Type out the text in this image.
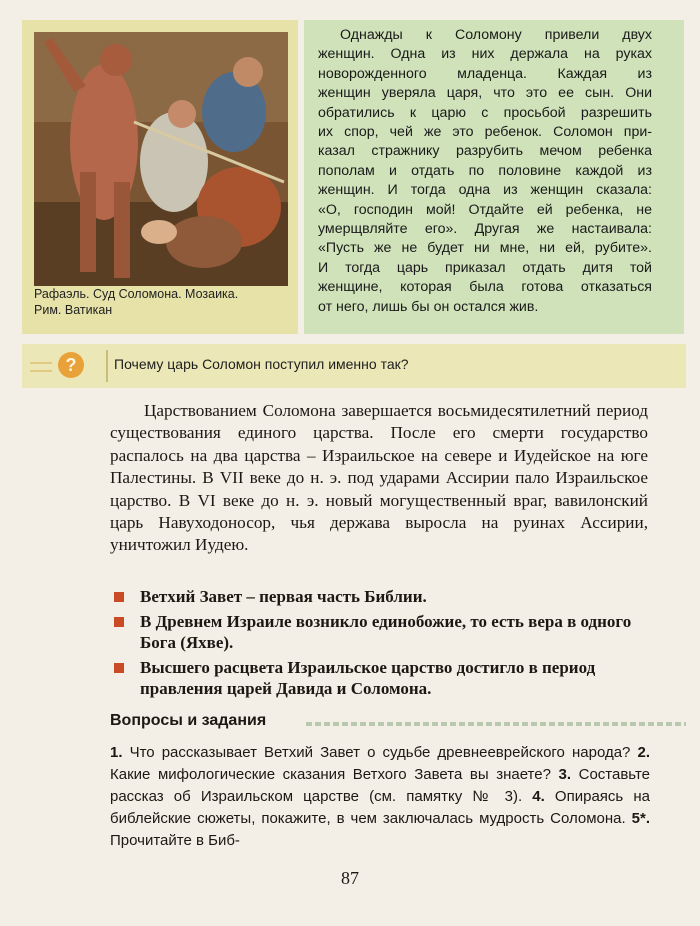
Рафаэль. Суд Соломона. Мозаика.
Рим. Ватикан
Однажды к Соломону привели двух
женщин. Одна из них держала на руках
новорожденного младенца. Каждая из
женщин уверяла царя, что это ее сын. Они
обратились к царю с просьбой разрешить
их спор, чей же это ребенок. Соломон при-
казал стражнику разрубить мечом ребенка
пополам и отдать по половине каждой из
женщин. И тогда одна из женщин сказала:
«О, господин мой! Отдайте ей ребенка, не
умерщвляйте его». Другая же настаивала:
«Пусть же не будет ни мне, ни ей, рубите».
И тогда царь приказал отдать дитя той
женщине, которая была готова отказаться
от него, лишь бы он остался жив.
?	Почему царь Соломон поступил именно так?
Царствованием Соломона завершается восьмидесятилетний период существования единого царства. После его смерти государство распалось на два царства – Израильское на севере и Иудейское на юге Палестины. В VII веке до н. э. под ударами Ассирии пало Израильское царство. В VI веке до н. э. новый могущественный враг, вавилонский царь Навуходоносор, чья держава выросла на руинах Ассирии, уничтожил Иудею.
Ветхий Завет – первая часть Библии.
В Древнем Израиле возникло единобожие, то есть вера в одного Бога (Яхве).
Высшего расцвета Израильское царство достигло в период правления царей Давида и Соломона.
Вопросы и задания
1. Что рассказывает Ветхий Завет о судьбе древнееврейского народа? 2. Какие мифологические сказания Ветхого Завета вы знаете? 3. Составьте рассказ об Израильском царстве (см. памятку № 3). 4. Опираясь на библейские сюжеты, покажите, в чем заключалась мудрость Соломона. 5*. Прочитайте в Биб-
87
